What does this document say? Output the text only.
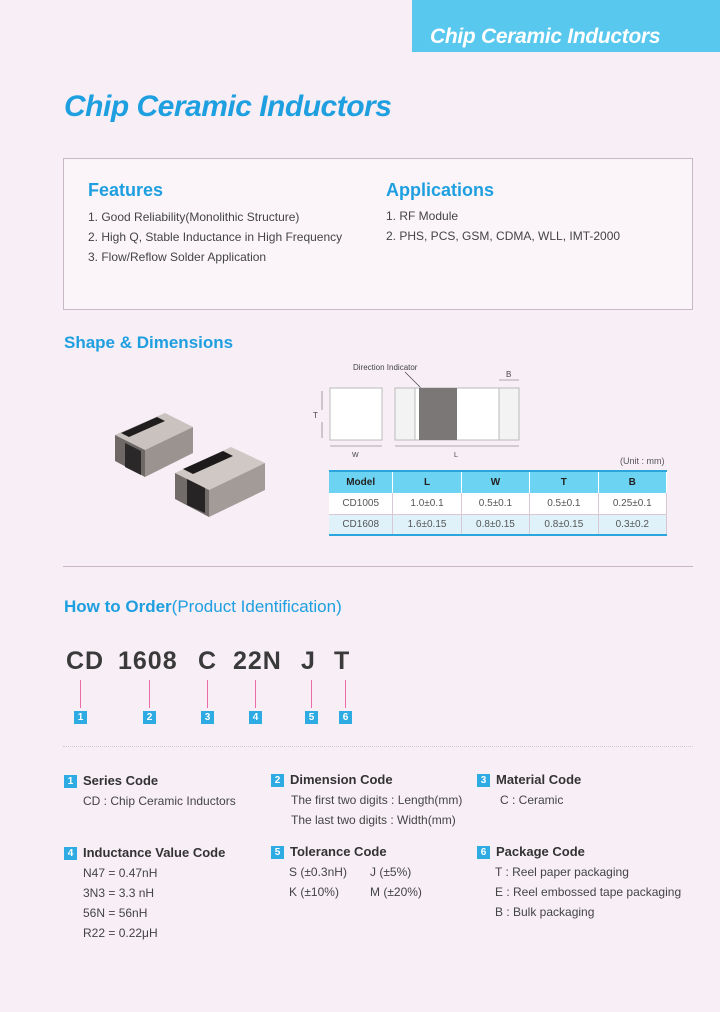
Chip Ceramic Inductors
Chip Ceramic Inductors
Features
1. Good Reliability(Monolithic Structure)
2. High Q, Stable Inductance in High Frequency
3. Flow/Reflow Solder Application
Applications
1. RF Module
2. PHS, PCS, GSM, CDMA, WLL, IMT-2000
Shape & Dimensions
Direction Indicator
T
W
B
L
(Unit : mm)
Model	L	W	T	B
CD1005	1.0±0.1	0.5±0.1	0.5±0.1	0.25±0.1
CD1608	1.6±0.15	0.8±0.15	0.8±0.15	0.3±0.2
How to Order(Product Identification)
CD 1608 C 22N J T
1	2	3	4	5	6
1 Series Code
CD : Chip Ceramic Inductors
2 Dimension Code
The first two digits : Length(mm)
The last two digits : Width(mm)
3 Material Code
C : Ceramic
4 Inductance Value Code
N47 = 0.47nH
3N3 = 3.3 nH
56N = 56nH
R22 = 0.22μH
5 Tolerance Code
S (±0.3nH)
K (±10%)
J (±5%)
M (±20%)
6 Package Code
T : Reel paper packaging
E : Reel embossed tape packaging
B : Bulk packaging
